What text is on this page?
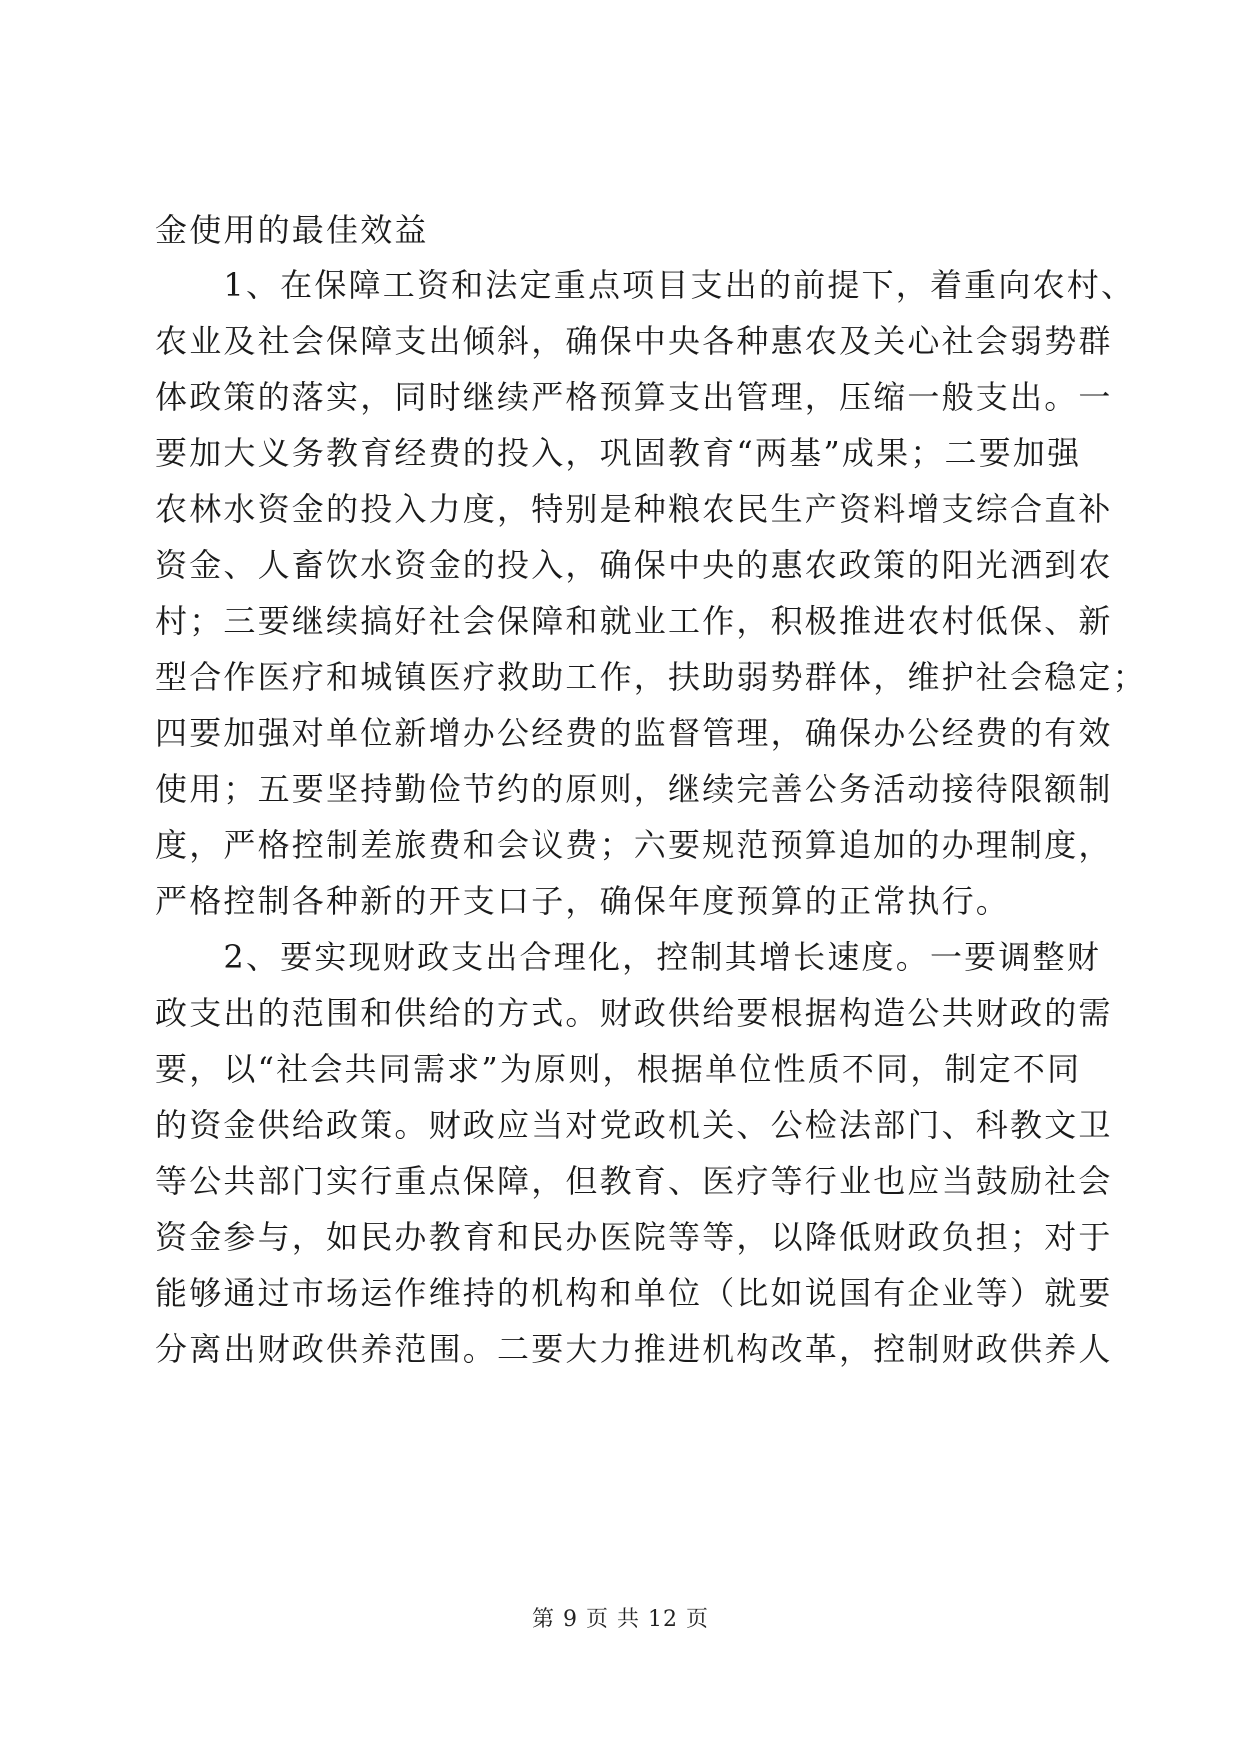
金使用的最佳效益
　　1、在保障工资和法定重点项目支出的前提下，着重向农村、
农业及社会保障支出倾斜，确保中央各种惠农及关心社会弱势群
体政策的落实，同时继续严格预算支出管理，压缩一般支出。一
要加大义务教育经费的投入，巩固教育“两基”成果；二要加强
农林水资金的投入力度，特别是种粮农民生产资料增支综合直补
资金、人畜饮水资金的投入，确保中央的惠农政策的阳光洒到农
村；三要继续搞好社会保障和就业工作，积极推进农村低保、新
型合作医疗和城镇医疗救助工作，扶助弱势群体，维护社会稳定；
四要加强对单位新增办公经费的监督管理，确保办公经费的有效
使用；五要坚持勤俭节约的原则，继续完善公务活动接待限额制
度，严格控制差旅费和会议费；六要规范预算追加的办理制度，
严格控制各种新的开支口子，确保年度预算的正常执行。
　　2、要实现财政支出合理化，控制其增长速度。一要调整财
政支出的范围和供给的方式。财政供给要根据构造公共财政的需
要，以“社会共同需求”为原则，根据单位性质不同，制定不同
的资金供给政策。财政应当对党政机关、公检法部门、科教文卫
等公共部门实行重点保障，但教育、医疗等行业也应当鼓励社会
资金参与，如民办教育和民办医院等等，以降低财政负担；对于
能够通过市场运作维持的机构和单位（比如说国有企业等）就要
分离出财政供养范围。二要大力推进机构改革，控制财政供养人
第 9 页 共 12 页
